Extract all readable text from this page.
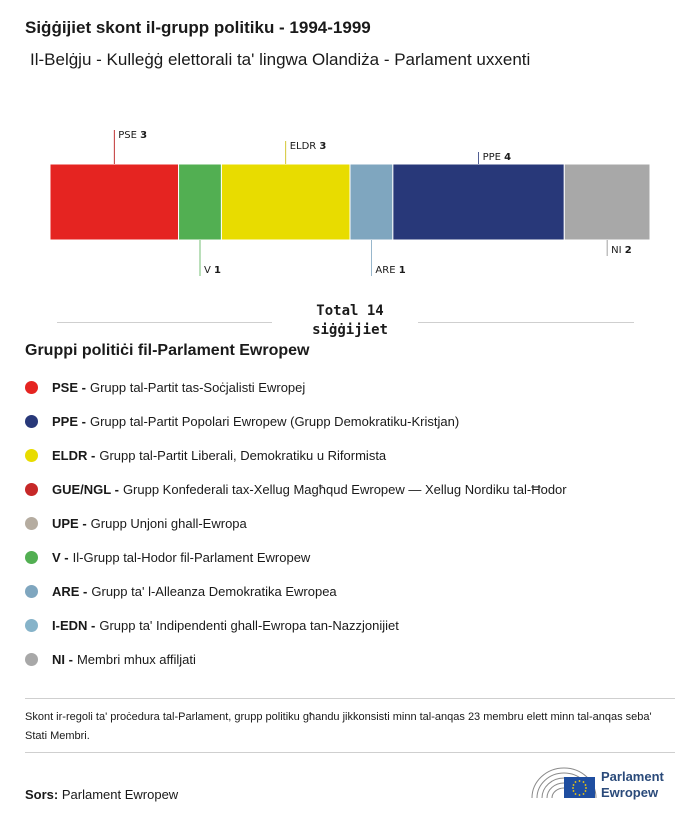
Siġġijiet skont il-grupp politiku - 1994-1999
Il-Belġju - Kulleġġ elettorali ta' lingwa Olandiża - Parlament uxxenti
PSE 3
V 1
ELDR 3
ARE 1
PPE 4
NI 2
Total 14
siġġijiet
Gruppi politiċi fil-Parlament Ewropew
PSE - Grupp tal-Partit tas-Soċjalisti Ewropej
PPE - Grupp tal-Partit Popolari Ewropew (Grupp Demokratiku-Kristjan)
ELDR - Grupp tal-Partit Liberali, Demokratiku u Riformista
GUE/NGL - Grupp Konfederali tax-Xellug Magħqud Ewropew — Xellug Nordiku tal-Ħodor
UPE - Grupp Unjoni ghall-Ewropa
V - Il-Grupp tal-Hodor fil-Parlament Ewropew
ARE - Grupp ta' l-Alleanza Demokratika Ewropea
I-EDN - Grupp ta' Indipendenti ghall-Ewropa tan-Nazzjonijiet
NI - Membri mhux affiljati

Skont ir-regoli ta' proċedura tal-Parlament, grupp politiku għandu jikkonsisti minn tal-anqas 23 membru elett minn tal-anqas seba' Stati Membri.

Sors: Parlament Ewropew
Parlament
Ewropew
